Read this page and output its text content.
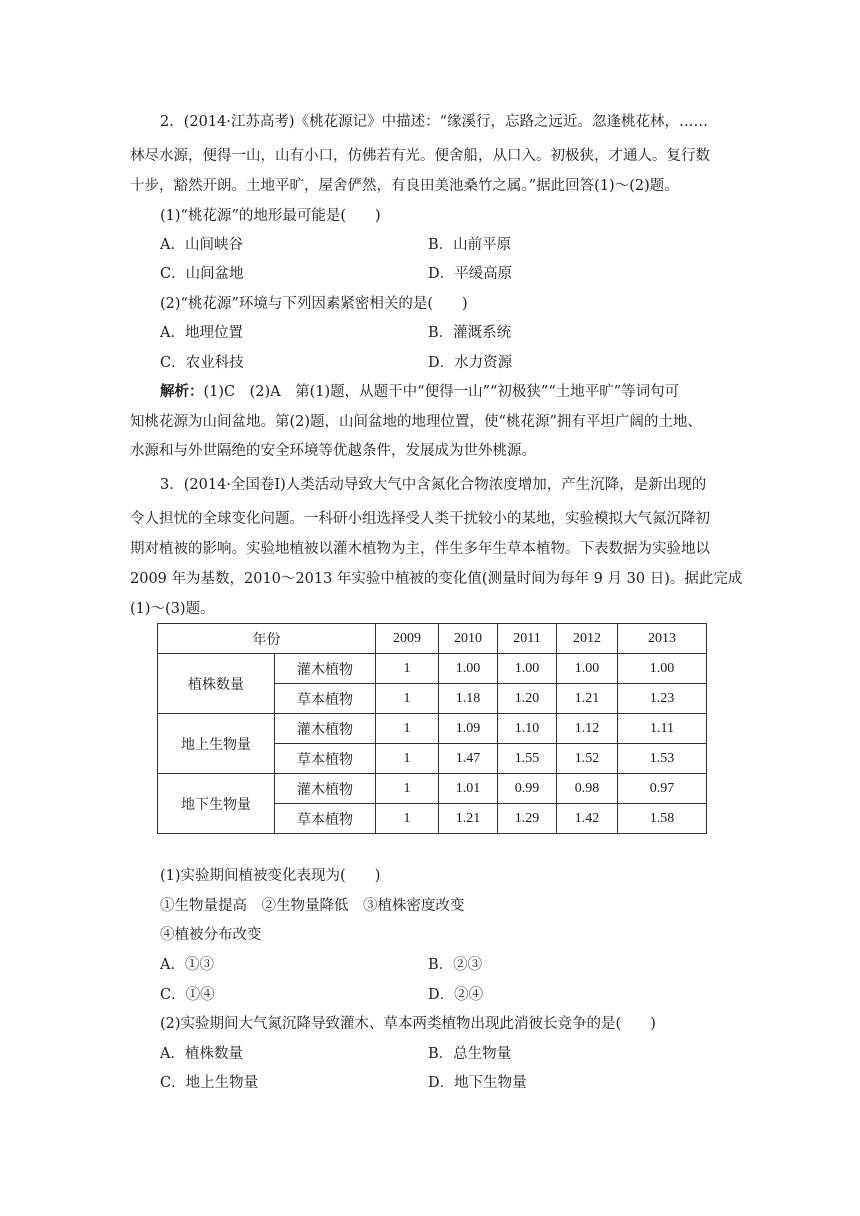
2．(2014·江苏高考)《桃花源记》中描述：“缘溪行，忘路之远近。忽逢桃花林，……
林尽水源，便得一山，山有小口，仿佛若有光。便舍船，从口入。初极狭，才通人。复行数
十步，豁然开朗。土地平旷，屋舍俨然，有良田美池桑竹之属。”据此回答(1)～(2)题。
(1)“桃花源”的地形最可能是(　　)
A．山间峡谷	B．山前平原
C．山间盆地	D．平缓高原
(2)“桃花源”环境与下列因素紧密相关的是(　　)
A．地理位置	B．灌溉系统
C．农业科技	D．水力资源
解析：(1)C　(2)A　第(1)题，从题干中“便得一山”“初极狭”“土地平旷”等词句可
知桃花源为山间盆地。第(2)题，山间盆地的地理位置，使“桃花源”拥有平坦广阔的土地、
水源和与外世隔绝的安全环境等优越条件，发展成为世外桃源。
3．(2014·全国卷Ⅰ)人类活动导致大气中含氮化合物浓度增加，产生沉降，是新出现的
令人担忧的全球变化问题。一科研小组选择受人类干扰较小的某地，实验模拟大气氮沉降初
期对植被的影响。实验地植被以灌木植物为主，伴生多年生草本植物。下表数据为实验地以
2009 年为基数，2010～2013 年实验中植被的变化值(测量时间为每年 9 月 30 日)。据此完成
(1)～(3)题。
年份		2009	2010	2011	2012	2013
植株数量	灌木植物	1	1.00	1.00	1.00	1.00
	草本植物	1	1.18	1.20	1.21	1.23
地上生物量	灌木植物	1	1.09	1.10	1.12	1.11
	草本植物	1	1.47	1.55	1.52	1.53
地下生物量	灌木植物	1	1.01	0.99	0.98	0.97
	草本植物	1	1.21	1.29	1.42	1.58
(1)实验期间植被变化表现为(　　)
①生物量提高　②生物量降低　③植株密度改变
④植被分布改变
A．①③	B．②③
C．①④	D．②④
(2)实验期间大气氮沉降导致灌木、草本两类植物出现此消彼长竞争的是(　　)
A．植株数量	B．总生物量
C．地上生物量	D．地下生物量
